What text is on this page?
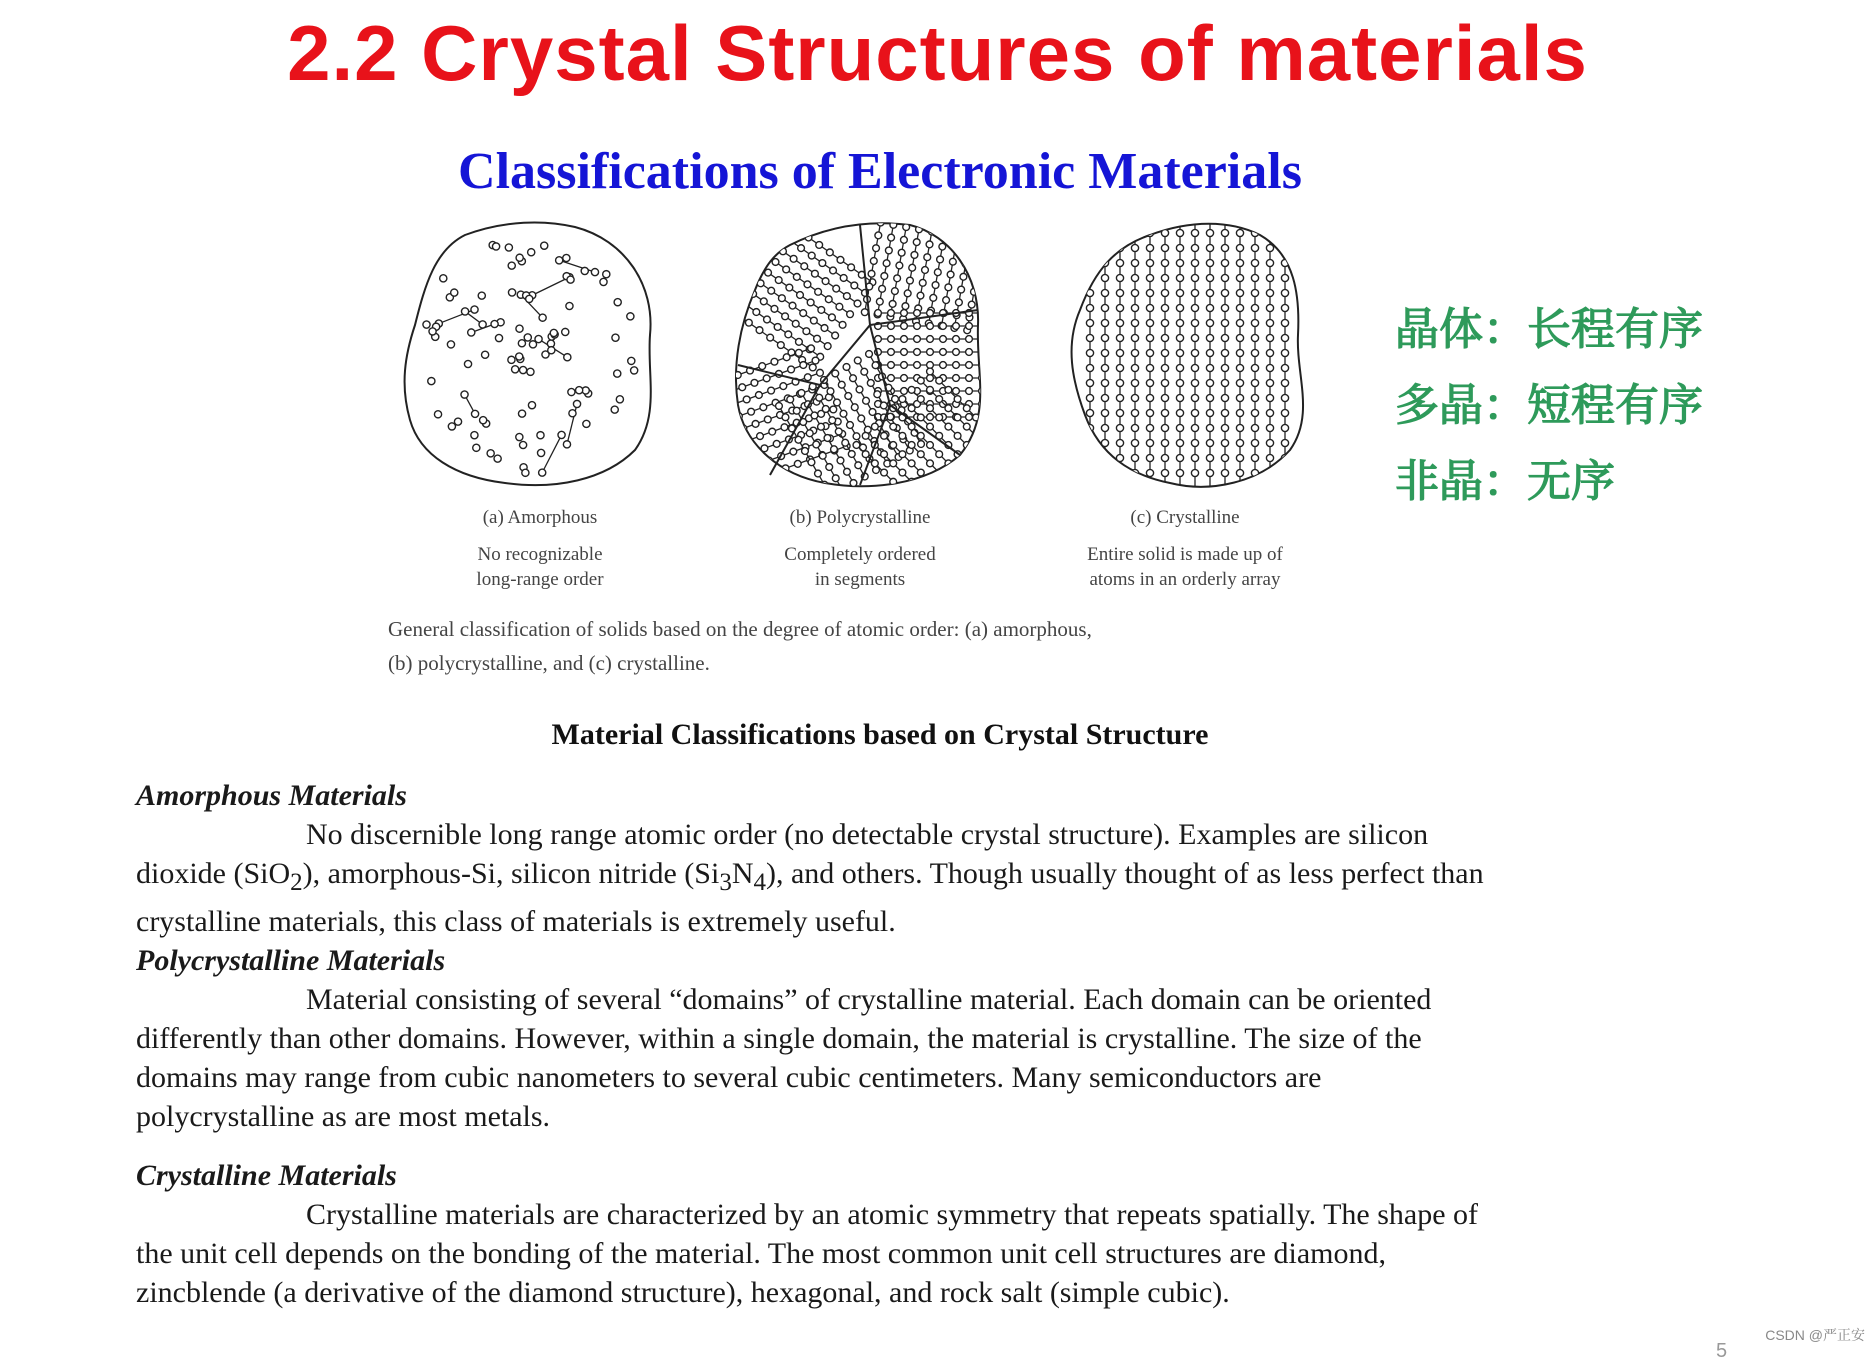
2.2 Crystal Structures of materials
Classifications of Electronic Materials
(a) Amorphous
No recognizable
long-range order
(b) Polycrystalline
Completely ordered
in segments
(c) Crystalline
Entire solid is made up of
atoms in an orderly array
General classification of solids based on the degree of atomic order: (a) amorphous,
(b) polycrystalline, and (c) crystalline.
晶体：长程有序
多晶：短程有序
非晶：无序
Material Classifications based on Crystal Structure
Amorphous Materials
No discernible long range atomic order (no detectable crystal structure). Examples are silicon
dioxide (SiO$_2$), amorphous-Si, silicon nitride $(Si_3N_4)$, and others. Though usually thought of as less perfect than
crystalline materials, this class of materials is extremely useful.
Polycrystalline Materials
Material consisting of several “domains” of crystalline material. Each domain can be oriented
differently than other domains. However, within a single domain, the material is crystalline. The size of the
domains may range from cubic nanometers to several cubic centimeters. Many semiconductors are
polycrystalline as are most metals.
Crystalline Materials
Crystalline materials are characterized by an atomic symmetry that repeats spatially. The shape of
the unit cell depends on the bonding of the material. The most common unit cell structures are diamond,
zincblende (a derivative of the diamond structure), hexagonal, and rock salt (simple cubic).
5
CSDN @严正安
